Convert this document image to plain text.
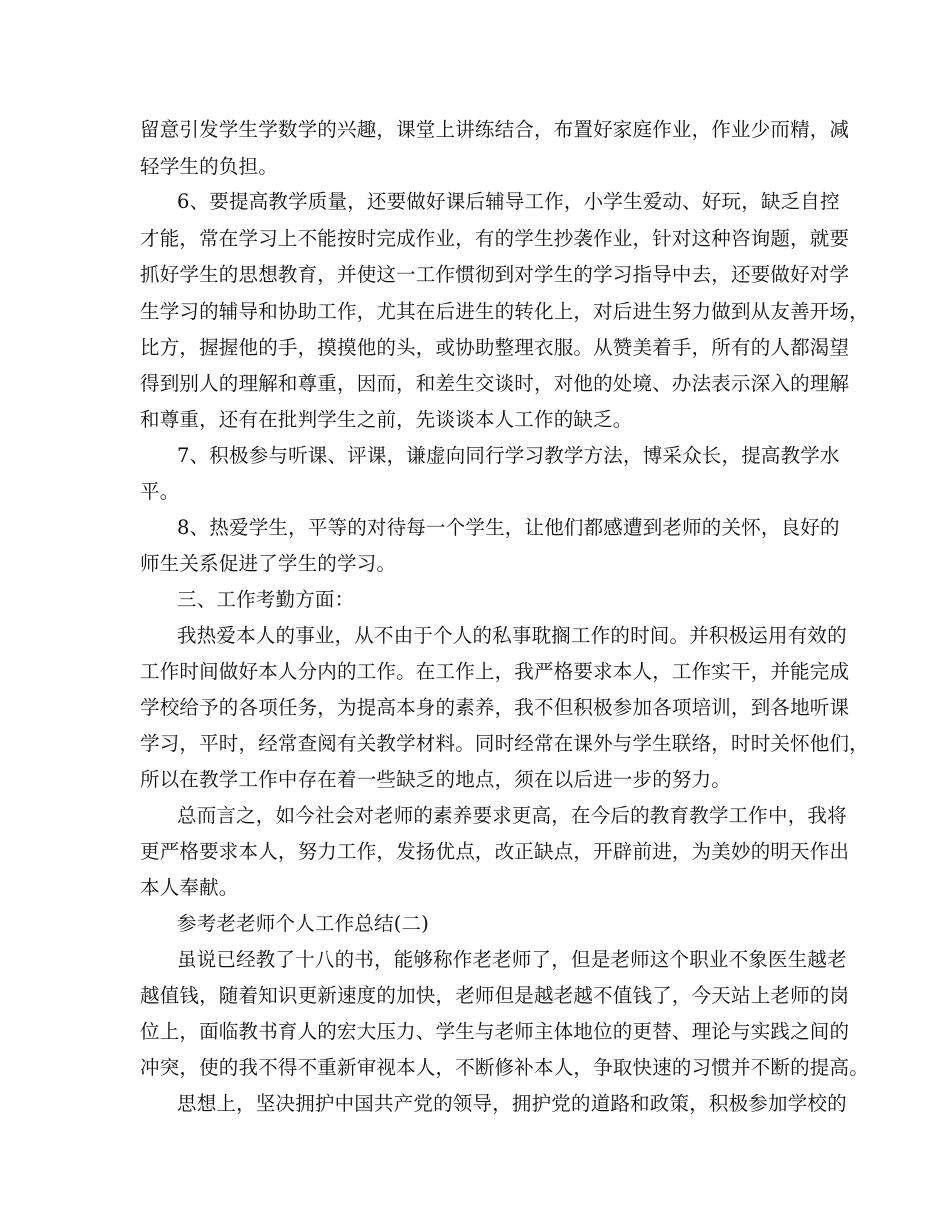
留意引发学生学数学的兴趣，课堂上讲练结合，布置好家庭作业，作业少而精，减
轻学生的负担。
6、要提高教学质量，还要做好课后辅导工作，小学生爱动、好玩，缺乏自控
才能，常在学习上不能按时完成作业，有的学生抄袭作业，针对这种咨询题，就要
抓好学生的思想教育，并使这一工作惯彻到对学生的学习指导中去，还要做好对学
生学习的辅导和协助工作，尤其在后进生的转化上，对后进生努力做到从友善开场，
比方，握握他的手，摸摸他的头，或协助整理衣服。从赞美着手，所有的人都渴望
得到别人的理解和尊重，因而，和差生交谈时，对他的处境、办法表示深入的理解
和尊重，还有在批判学生之前，先谈谈本人工作的缺乏。
7、积极参与听课、评课，谦虚向同行学习教学方法，博采众长，提高教学水
平。
8、热爱学生，平等的对待每一个学生，让他们都感遭到老师的关怀，良好的
师生关系促进了学生的学习。
三、工作考勤方面：
我热爱本人的事业，从不由于个人的私事耽搁工作的时间。并积极运用有效的
工作时间做好本人分内的工作。在工作上，我严格要求本人，工作实干，并能完成
学校给予的各项任务，为提高本身的素养，我不但积极参加各项培训，到各地听课
学习，平时，经常查阅有关教学材料。同时经常在课外与学生联络，时时关怀他们，
所以在教学工作中存在着一些缺乏的地点，须在以后进一步的努力。
总而言之，如今社会对老师的素养要求更高，在今后的教育教学工作中，我将
更严格要求本人，努力工作，发扬优点，改正缺点，开辟前进，为美妙的明天作出
本人奉献。
参考老老师个人工作总结(二)
虽说已经教了十八的书，能够称作老老师了，但是老师这个职业不象医生越老
越值钱，随着知识更新速度的加快，老师但是越老越不值钱了，今天站上老师的岗
位上，面临教书育人的宏大压力、学生与老师主体地位的更替、理论与实践之间的
冲突，使的我不得不重新审视本人，不断修补本人，争取快速的习惯并不断的提高。
思想上，坚决拥护中国共产党的领导，拥护党的道路和政策，积极参加学校的
